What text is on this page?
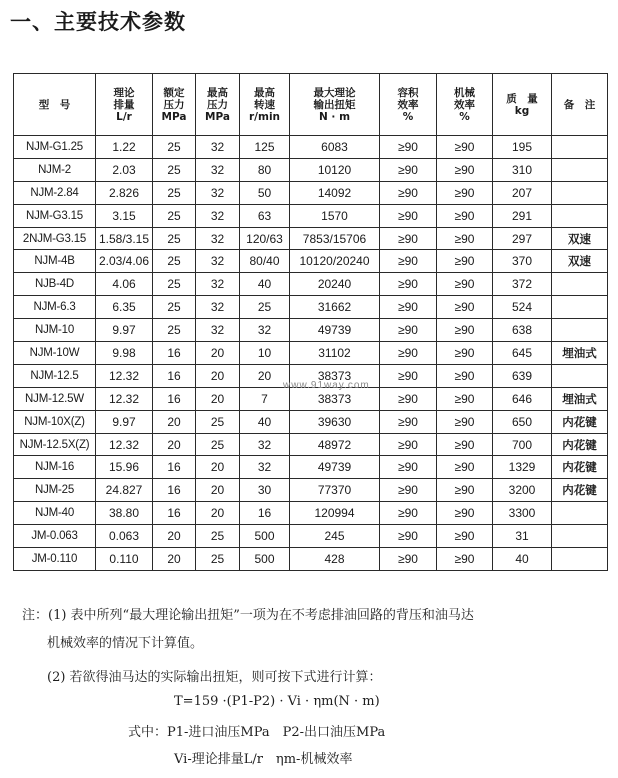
一、主要技术参数
型　号	理论
排量
L/r	额定
压力
MPa	最高
压力
MPa	最高
转速
r/min	最大理论
输出扭矩
N · m	容积
效率
%	机械
效率
%	质　量
kg	备　注
NJM-G1.25	1.22	25	32	125	6083	≥90	≥90	195	
NJM-2	2.03	25	32	80	10120	≥90	≥90	310	
NJM-2.84	2.826	25	32	50	14092	≥90	≥90	207	
NJM-G3.15	3.15	25	32	63	1570	≥90	≥90	291	
2NJM-G3.15	1.58/3.15	25	32	120/63	7853/15706	≥90	≥90	297	双速
NJM-4B	2.03/4.06	25	32	80/40	10120/20240	≥90	≥90	370	双速
NJB-4D	4.06	25	32	40	20240	≥90	≥90	372	
NJM-6.3	6.35	25	32	25	31662	≥90	≥90	524	
NJM-10	9.97	25	32	32	49739	≥90	≥90	638	
NJM-10W	9.98	16	20	10	31102	≥90	≥90	645	埋油式
NJM-12.5	12.32	16	20	20	38373	≥90	≥90	639	
NJM-12.5W	12.32	16	20	7	38373	≥90	≥90	646	埋油式
NJM-10X(Z)	9.97	20	25	40	39630	≥90	≥90	650	内花键
NJM-12.5X(Z)	12.32	20	25	32	48972	≥90	≥90	700	内花键
NJM-16	15.96	16	20	32	49739	≥90	≥90	1329	内花键
NJM-25	24.827	16	20	30	77370	≥90	≥90	3200	内花键
NJM-40	38.80	16	20	16	120994	≥90	≥90	3300	
JM-0.063	0.063	20	25	500	245	≥90	≥90	31	
JM-0.110	0.110	20	25	500	428	≥90	≥90	40	
www.91way.com
注：(1) 表中所列“最大理论输出扭矩”一项为在不考虑排油回路的背压和油马达
机械效率的情况下计算值。
(2) 若欲得油马达的实际输出扭矩，则可按下式进行计算：
T=159 ·(P1-P2) · Vi · ηm(N · m)
式中：P1-进口油压MPa　P2-出口油压MPa
Vi-理论排量L/r　ηm-机械效率
